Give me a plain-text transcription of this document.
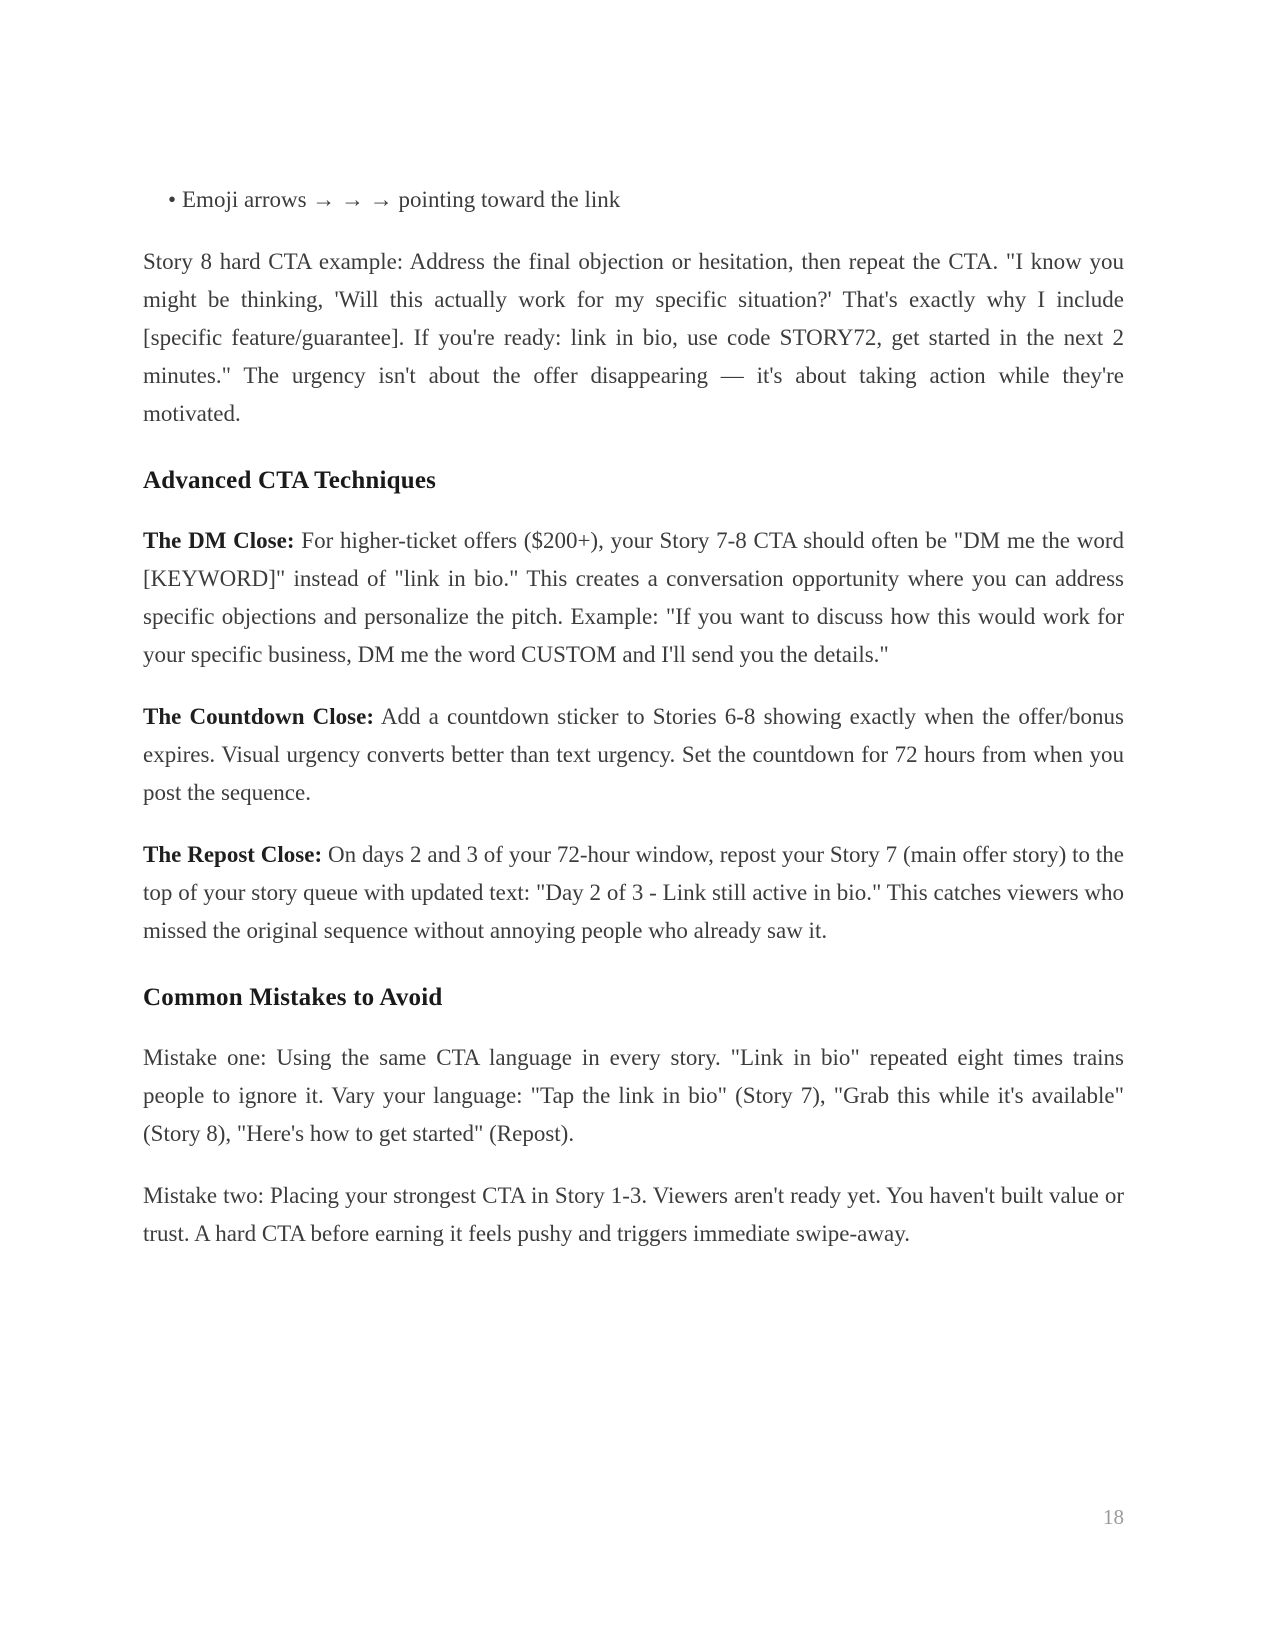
• Emoji arrows → → → pointing toward the link

Story 8 hard CTA example: Address the final objection or hesitation, then repeat the CTA. "I know you might be thinking, 'Will this actually work for my specific situation?' That's exactly why I include [specific feature/guarantee]. If you're ready: link in bio, use code STORY72, get started in the next 2 minutes." The urgency isn't about the offer disappearing — it's about taking action while they're motivated.

Advanced CTA Techniques

The DM Close: For higher-ticket offers ($200+), your Story 7-8 CTA should often be "DM me the word [KEYWORD]" instead of "link in bio." This creates a conversation opportunity where you can address specific objections and personalize the pitch. Example: "If you want to discuss how this would work for your specific business, DM me the word CUSTOM and I'll send you the details."

The Countdown Close: Add a countdown sticker to Stories 6-8 showing exactly when the offer/bonus expires. Visual urgency converts better than text urgency. Set the countdown for 72 hours from when you post the sequence.

The Repost Close: On days 2 and 3 of your 72-hour window, repost your Story 7 (main offer story) to the top of your story queue with updated text: "Day 2 of 3 - Link still active in bio." This catches viewers who missed the original sequence without annoying people who already saw it.

Common Mistakes to Avoid

Mistake one: Using the same CTA language in every story. "Link in bio" repeated eight times trains people to ignore it. Vary your language: "Tap the link in bio" (Story 7), "Grab this while it's available" (Story 8), "Here's how to get started" (Repost).

Mistake two: Placing your strongest CTA in Story 1-3. Viewers aren't ready yet. You haven't built value or trust. A hard CTA before earning it feels pushy and triggers immediate swipe-away.

18
